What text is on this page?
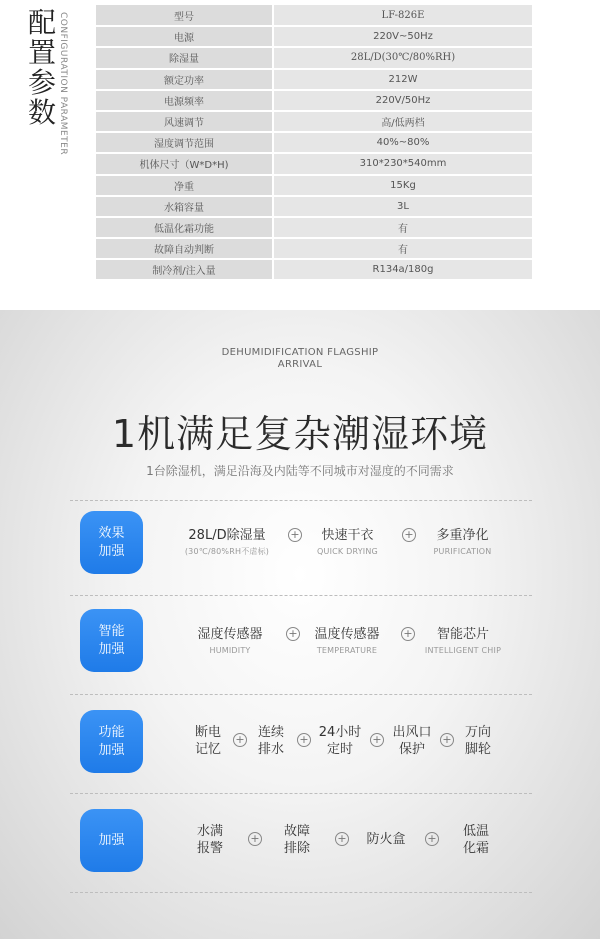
配
置
参
数 CONFIGURATION PARAMETER	型号	LF-826E
电源	220V~50Hz
除湿量	28L/D(30℃/80%RH)
额定功率	212W
电源频率	220V/50Hz
风速调节	高/低两档
湿度调节范围	40%~80%
机体尺寸（W*D*H)	310*230*540mm
净重	15Kg
水箱容量	3L
低温化霜功能	有
故障自动判断	有
制冷剂/注入量	R134a/180g
DEHUMIDIFICATION FLAGSHIP
ARRIVAL
1机满足复杂潮湿环境
1台除湿机，满足沿海及内陆等不同城市对湿度的不同需求
效果
加强
28L/D除湿量
(30℃/80%RH不虐标)
+	快速干衣
QUICK DRYING
+	多重净化
PURIFICATION
智能
加强
湿度传感器
HUMIDITY
+	温度传感器
TEMPERATURE
+	智能芯片
INTELLIGENT CHIP
功能
加强
断电
记忆
+	连续
排水
+ 24小时
定时
+ 出风口
保护
+	万向
脚轮
加强
水满
报警
+	故障
排除
+	防火盒	+	低温
化霜
